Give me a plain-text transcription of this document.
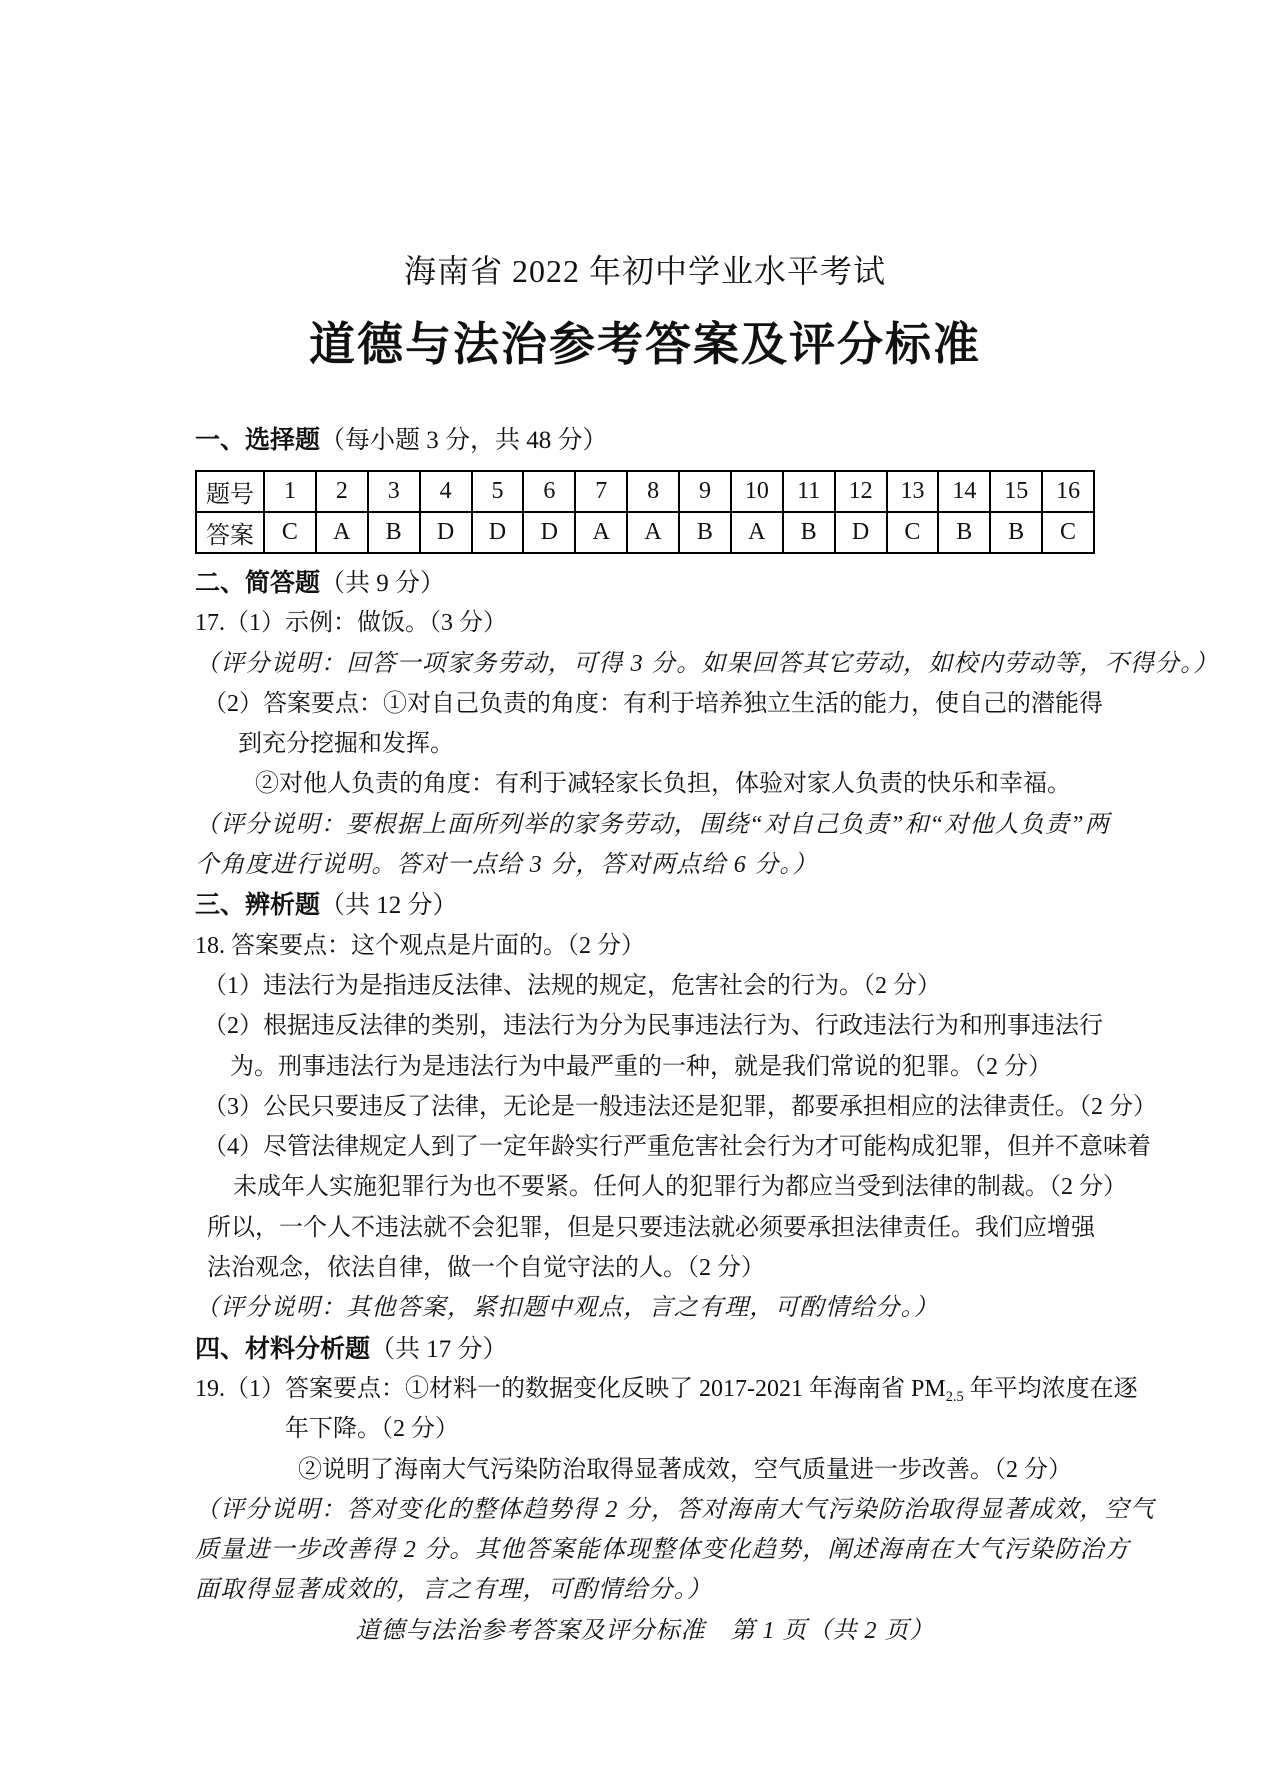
海南省 2022 年初中学业水平考试
道德与法治参考答案及评分标准
一、选择题（每小题 3 分，共 48 分）
题号	1	2	3	4	5	6	7	8	9	10	11	12	13	14	15	16
答案	C	A	B	D	D	D	A	A	B	A	B	D	C	B	B	C
二、简答题（共 9 分）
17.（1）示例：做饭。（3 分）
（评分说明：回答一项家务劳动，可得 3 分。如果回答其它劳动，如校内劳动等，不得分。）
（2）答案要点：①对自己负责的角度：有利于培养独立生活的能力，使自己的潜能得
到充分挖掘和发挥。
②对他人负责的角度：有利于减轻家长负担，体验对家人负责的快乐和幸福。
（评分说明：要根据上面所列举的家务劳动，围绕“对自己负责”和“对他人负责”两
个角度进行说明。答对一点给 3 分，答对两点给 6 分。）
三、辨析题（共 12 分）
18. 答案要点：这个观点是片面的。（2 分）
（1）违法行为是指违反法律、法规的规定，危害社会的行为。（2 分）
（2）根据违反法律的类别，违法行为分为民事违法行为、行政违法行为和刑事违法行
为。刑事违法行为是违法行为中最严重的一种，就是我们常说的犯罪。（2 分）
（3）公民只要违反了法律，无论是一般违法还是犯罪，都要承担相应的法律责任。（2 分）
（4）尽管法律规定人到了一定年龄实行严重危害社会行为才可能构成犯罪，但并不意味着
未成年人实施犯罪行为也不要紧。任何人的犯罪行为都应当受到法律的制裁。（2 分）
所以，一个人不违法就不会犯罪，但是只要违法就必须要承担法律责任。我们应增强
法治观念，依法自律，做一个自觉守法的人。（2 分）
（评分说明：其他答案，紧扣题中观点，言之有理，可酌情给分。）
四、材料分析题（共 17 分）
19.（1）答案要点：①材料一的数据变化反映了 2017-2021 年海南省 $PM_{2.5}$ 年平均浓度在逐
年下降。（2 分）
②说明了海南大气污染防治取得显著成效，空气质量进一步改善。（2 分）
（评分说明：答对变化的整体趋势得 2 分，答对海南大气污染防治取得显著成效，空气
质量进一步改善得 2 分。其他答案能体现整体变化趋势，阐述海南在大气污染防治方
面取得显著成效的，言之有理，可酌情给分。）
道德与法治参考答案及评分标准　第 1 页（共 2 页）
